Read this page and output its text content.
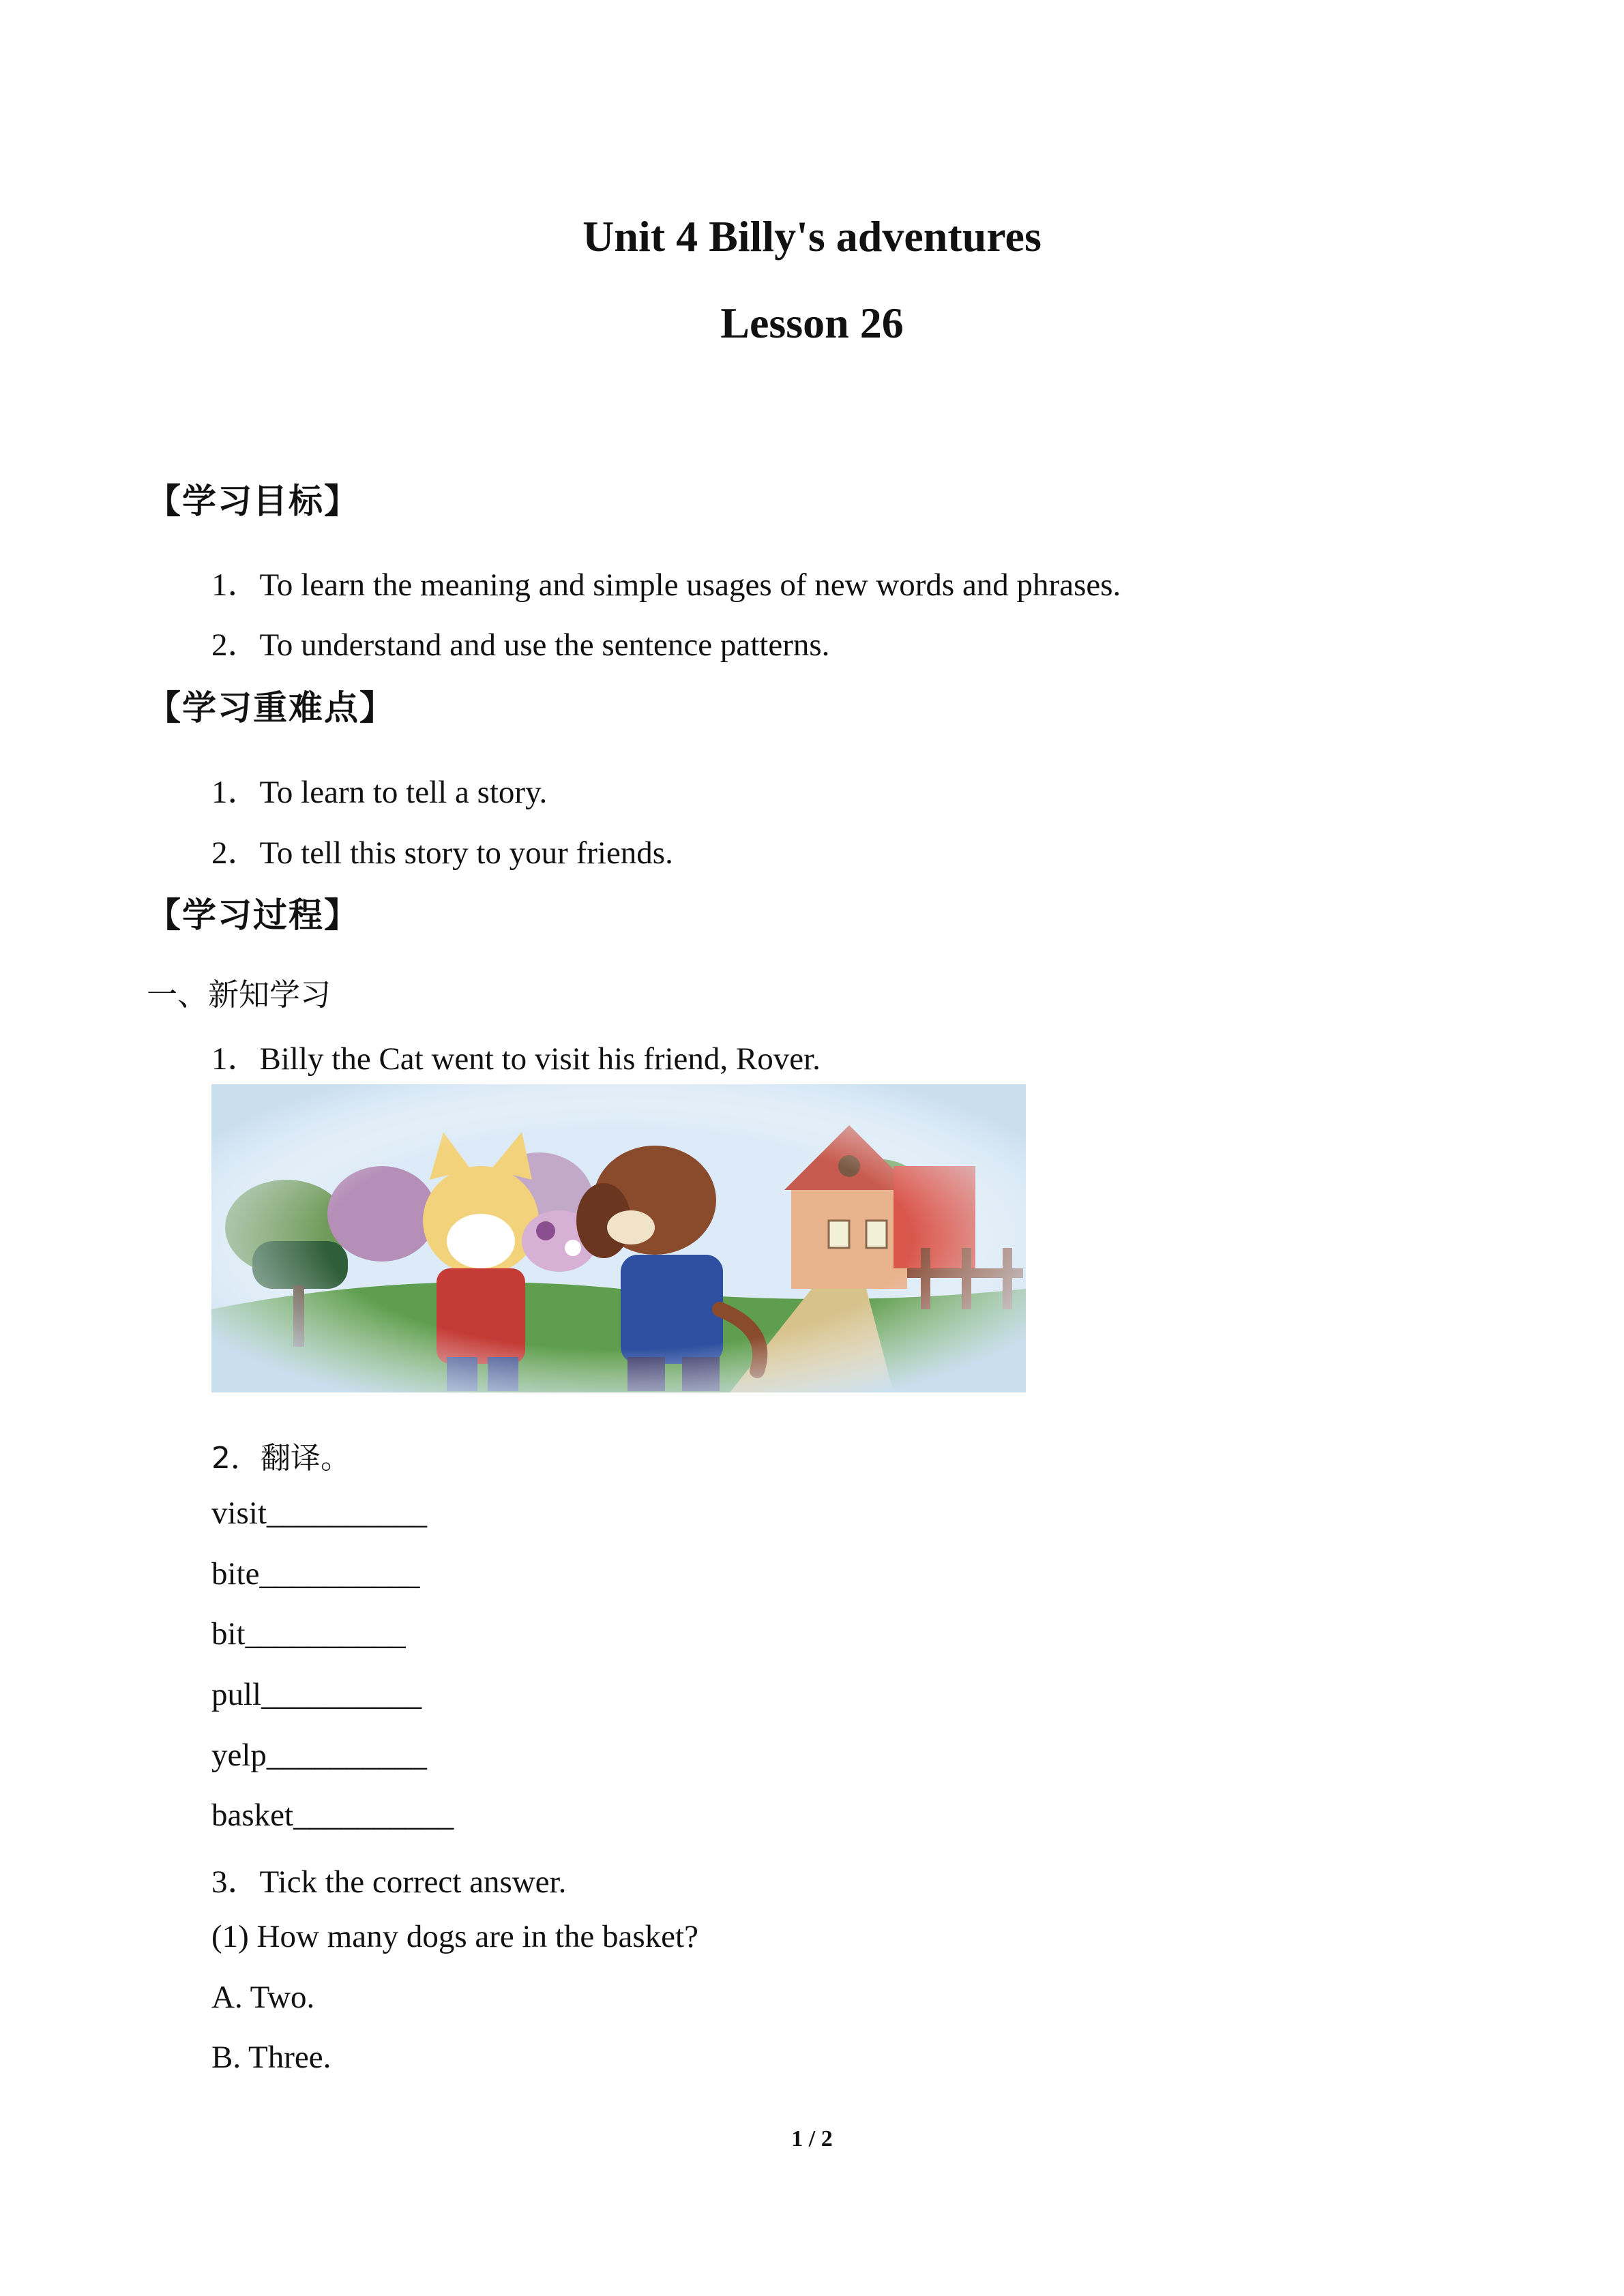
Unit 4 Billy's adventures
Lesson 26
【学习目标】
1．To learn the meaning and simple usages of new words and phrases.
2．To understand and use the sentence patterns.
【学习重难点】
1．To learn to tell a story.
2．To tell this story to your friends.
【学习过程】
一、新知学习
1．Billy the Cat went to visit his friend, Rover.
2．翻译。
visit__________
bite__________
bit__________
pull__________
yelp__________
basket__________
3．Tick the correct answer.
(1) How many dogs are in the basket?
A. Two.
B. Three.
1 / 2
